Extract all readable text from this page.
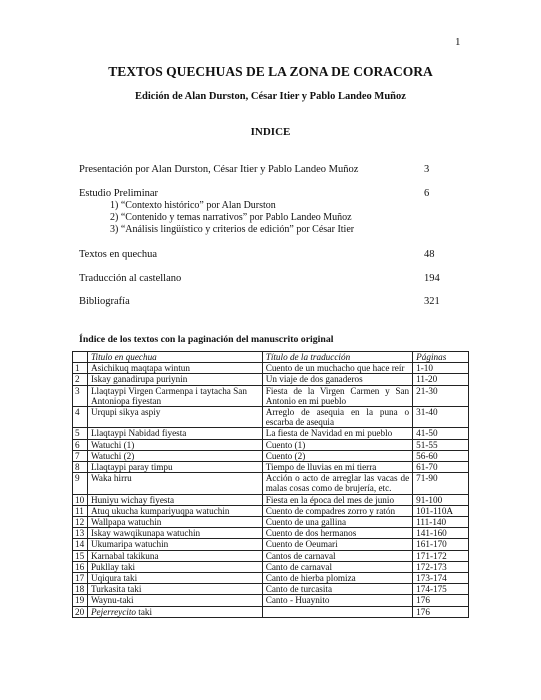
1
TEXTOS QUECHUAS DE LA ZONA DE CORACORA
Edición de Alan Durston, César Itier y Pablo Landeo Muñoz
INDICE
Presentación por Alan Durston, César Itier y Pablo Landeo Muñoz	3
Estudio Preliminar	6
1) “Contexto histórico” por Alan Durston
2) “Contenido y temas narrativos” por Pablo Landeo Muñoz
3) “Análisis lingüístico y criterios de edición” por César Itier
Textos en quechua	48
Traducción al castellano	194
Bibliografía	321
Índice de los textos con la paginación del manuscrito original
	Titulo en quechua	Título de la traducción	Páginas
1	Asichikuq maqtapa wintun	Cuento de un muchacho que hace reír	1-10
2	Iskay ganadirupa puriynin	Un viaje de dos ganaderos	11-20
3	Llaqtaypi Virgen Carmenpa i taytacha San Antoniopa fiyestan	Fiesta de la Virgen Carmen y San Antonio en mi pueblo	21-30
4	Urqupi sikya aspiy	Arreglo de asequia en la puna o escarba de asequia	31-40
5	Llaqtaypi Nabidad fiyesta	La fiesta de Navidad en mi pueblo	41-50
6	Watuchi (1)	Cuento (1)	51-55
7	Watuchi (2)	Cuento (2)	56-60
8	Llaqtaypi paray timpu	Tiempo de lluvias en mi tierra	61-70
9	Waka hirru	Acción o acto de arreglar las vacas de malas cosas como de brujería, etc.	71-90
10	Huniyu wichay fiyesta	Fiesta en la época del mes de junio	91-100
11	Atuq ukucha kumpariyuqpa watuchin	Cuento de compadres zorro y ratón	101-110A
12	Wallpapa watuchin	Cuento de una gallina	111-140
13	Iskay wawqikunapa watuchin	Cuento de dos hermanos	141-160
14	Ukumaripa watuchin	Cuento de Oeumari	161-170
15	Karnabal takikuna	Cantos de carnaval	171-172
16	Pukllay taki	Canto de carnaval	172-173
17	Uqiqura taki	Canto de hierba plomiza	173-174
18	Turkasita taki	Canto de turcasita	174-175
19	Waynu-taki	Canto - Huaynito	176
20	Pejerreycito taki		176
